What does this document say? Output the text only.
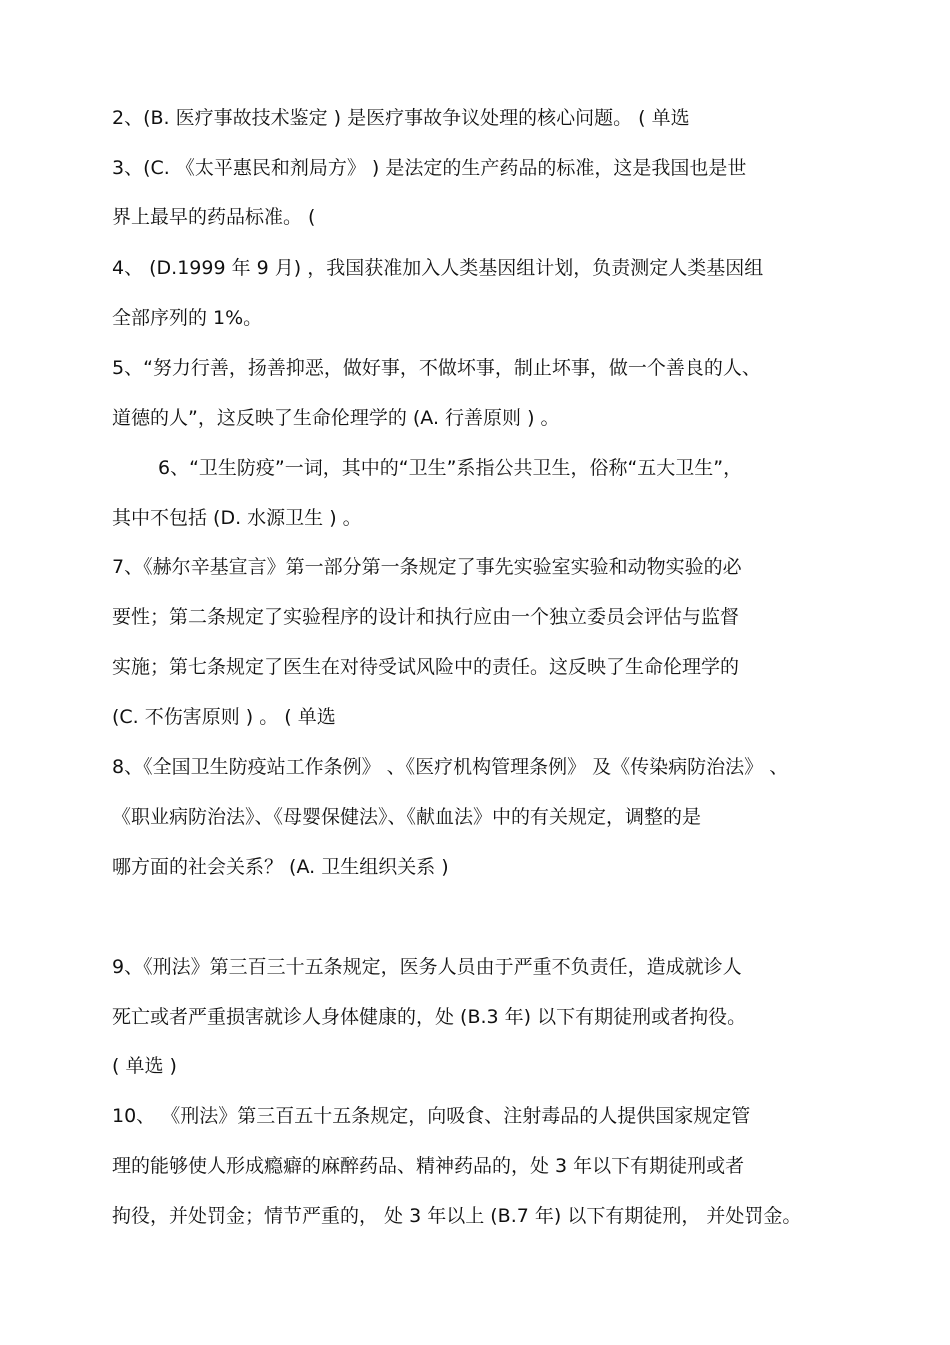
2、(B. 医疗事故技术鉴定 ) 是医疗事故争议处理的核心问题。 ( 单选
3、(C. 《太平惠民和剂局方》 ) 是法定的生产药品的标准，这是我国也是世
界上最早的药品标准。 (
4、 (D.1999 年 9 月) ，我国获准加入人类基因组计划，负责测定人类基因组
全部序列的 1%。
5、“努力行善，扬善抑恶，做好事，不做坏事，制止坏事，做一个善良的人、
道德的人”，这反映了生命伦理学的 (A. 行善原则 ) 。
6、“卫生防疫”一词，其中的“卫生”系指公共卫生，俗称“五大卫生”，
其中不包括 (D. 水源卫生 ) 。
7、《赫尔辛基宣言》第一部分第一条规定了事先实验室实验和动物实验的必
要性；第二条规定了实验程序的设计和执行应由一个独立委员会评估与监督
实施；第七条规定了医生在对待受试风险中的责任。这反映了生命伦理学的
(C. 不伤害原则 ) 。 ( 单选
8、《全国卫生防疫站工作条例》 、《医疗机构管理条例》 及《传染病防治法》 、
《职业病防治法》、《母婴保健法》、《献血法》中的有关规定，调整的是
哪方面的社会关系？ (A. 卫生组织关系 )
9、《刑法》第三百三十五条规定，医务人员由于严重不负责任，造成就诊人
死亡或者严重损害就诊人身体健康的，处 (B.3 年) 以下有期徒刑或者拘役。
( 单选 )
10、 《刑法》第三百五十五条规定，向吸食、注射毒品的人提供国家规定管
理的能够使人形成瘾癖的麻醉药品、精神药品的，处 3 年以下有期徒刑或者
拘役，并处罚金；情节严重的， 处 3 年以上 (B.7 年) 以下有期徒刑， 并处罚金。
